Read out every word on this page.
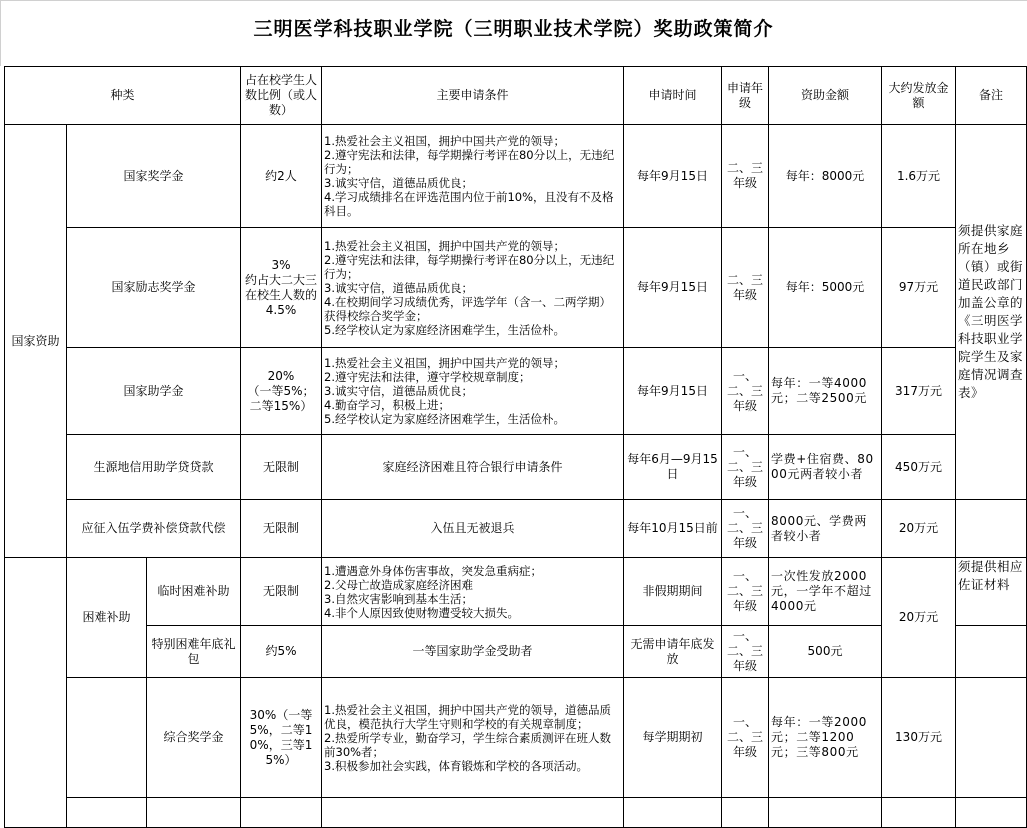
三明医学科技职业学院（三明职业技术学院）奖助政策简介
种类			占在校学生人数比例（或人数）	主要申请条件	申请时间	申请年级	资助金额	大约发放金额	备注
国家资助	国家奖学金		约2人	1.热爱社会主义祖国，拥护中国共产党的领导；
2.遵守宪法和法律，每学期操行考评在80分以上，无违纪行为；
3.诚实守信，道德品质优良；
4.学习成绩排名在评选范围内位于前10%，且没有不及格科目。	每年9月15日	二、三年级	每年：8000元	1.6万元	须提供家庭所在地乡（镇）或街道民政部门加盖公章的《三明医学科技职业学院学生及家庭情况调查表》
	国家励志奖学金		3%
约占大二大三在校生人数的4.5%	1.热爱社会主义祖国，拥护中国共产党的领导；
2.遵守宪法和法律，每学期操行考评在80分以上，无违纪行为；
3.诚实守信，道德品质优良；
4.在校期间学习成绩优秀，评选学年（含一、二两学期）获得校综合奖学金；
5.经学校认定为家庭经济困难学生，生活俭朴。	每年9月15日	二、三年级	每年：5000元	97万元	
	国家助学金		20%
（一等5%；二等15%）	1.热爱社会主义祖国，拥护中国共产党的领导；
2.遵守宪法和法律，遵守学校规章制度；
3.诚实守信，道德品质优良；
4.勤奋学习，积极上进；
5.经学校认定为家庭经济困难学生，生活俭朴。	每年9月15日	一、二、三年级	每年：一等4000元；二等2500元	317万元	
	生源地信用助学贷贷款		无限制	家庭经济困难且符合银行申请条件	每年6月—9月15日	一、二、三年级	学费+住宿费、8000元两者较小者	450万元	
	应征入伍学费补偿贷款代偿		无限制	入伍且无被退兵	每年10月15日前	一、二、三年级	8000元、学费两者较小者	20万元	
	困难补助	临时困难补助	无限制	1.遭遇意外身体伤害事故，突发急重病症；
2.父母亡故造成家庭经济困难
3.自然灾害影响到基本生活；
4.非个人原因致使财物遭受较大损失。	非假期期间	一、二、三年级	一次性发放2000元，一学年不超过4000元	20万元	须提供相应佐证材料
		特别困难年底礼包	约5%	一等国家助学金受助者	无需申请年底发放	一、二、三年级	500元		
		综合奖学金	30%（一等5%，二等10%，三等15%）	1.热爱社会主义祖国，拥护中国共产党的领导，道德品质优良，模范执行大学生守则和学校的有关规章制度；
2.热爱所学专业，勤奋学习，学生综合素质测评在班人数前30%者；
3.积极参加社会实践，体育锻炼和学校的各项活动。	每学期期初	一、二、三年级	每年：一等2000元；二等1200元；三等800元	130万元	
